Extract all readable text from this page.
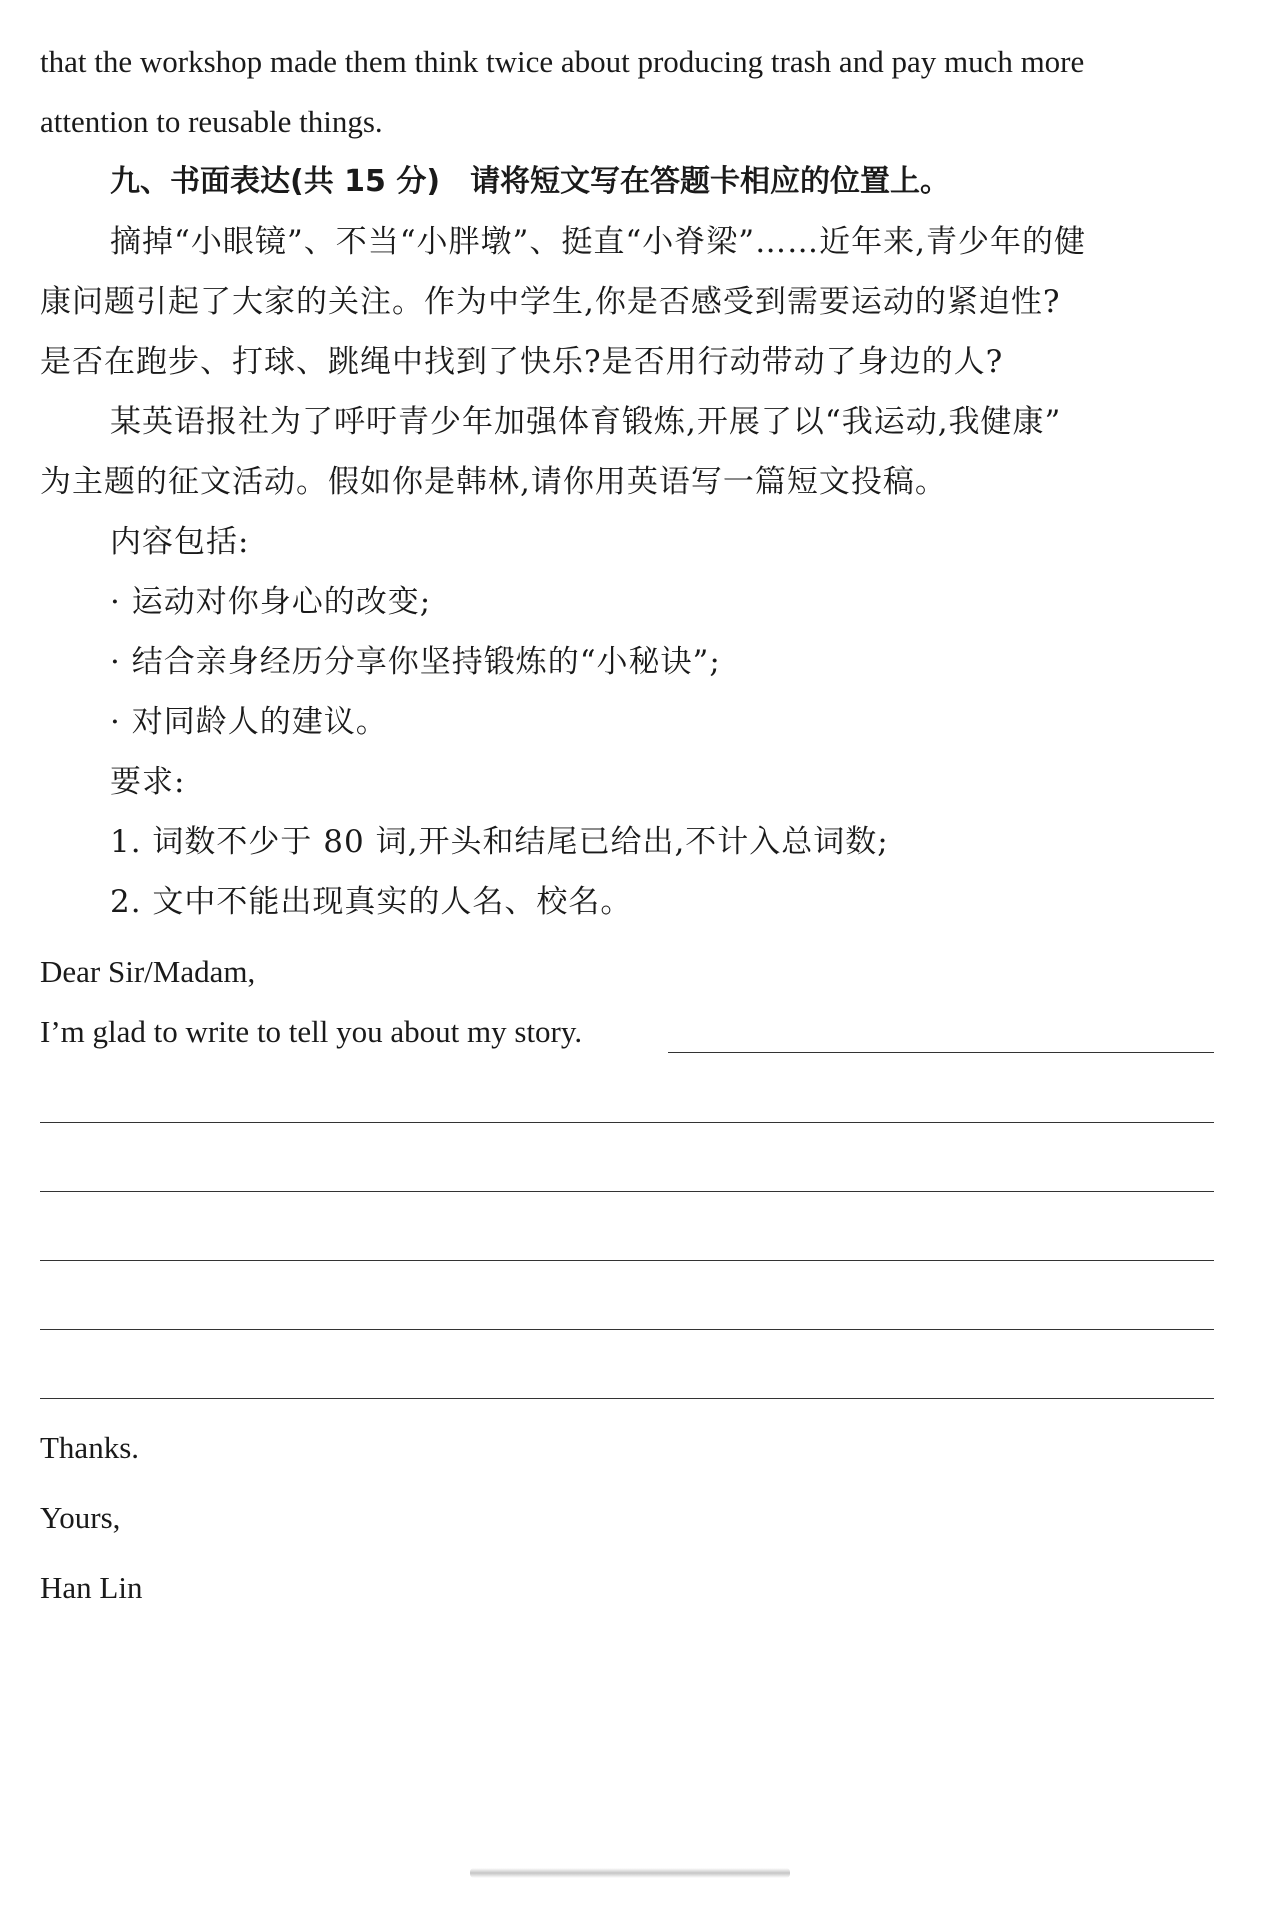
that the workshop made them think twice about producing trash and pay much more
attention to reusable things.
九、书面表达(共 15 分) 请将短文写在答题卡相应的位置上。
摘掉“小眼镜”、不当“小胖墩”、挺直“小脊梁”……近年来,青少年的健
康问题引起了大家的关注。作为中学生,你是否感受到需要运动的紧迫性?
是否在跑步、打球、跳绳中找到了快乐?是否用行动带动了身边的人?
某英语报社为了呼吁青少年加强体育锻炼,开展了以“我运动,我健康”
为主题的征文活动。假如你是韩林,请你用英语写一篇短文投稿。
内容包括:
· 运动对你身心的改变;
· 结合亲身经历分享你坚持锻炼的“小秘诀”;
· 对同龄人的建议。
要求:
1. 词数不少于 80 词,开头和结尾已给出,不计入总词数;
2. 文中不能出现真实的人名、校名。
Dear Sir/Madam,
I’m glad to write to tell you about my story.
Thanks.
Yours,
Han Lin
